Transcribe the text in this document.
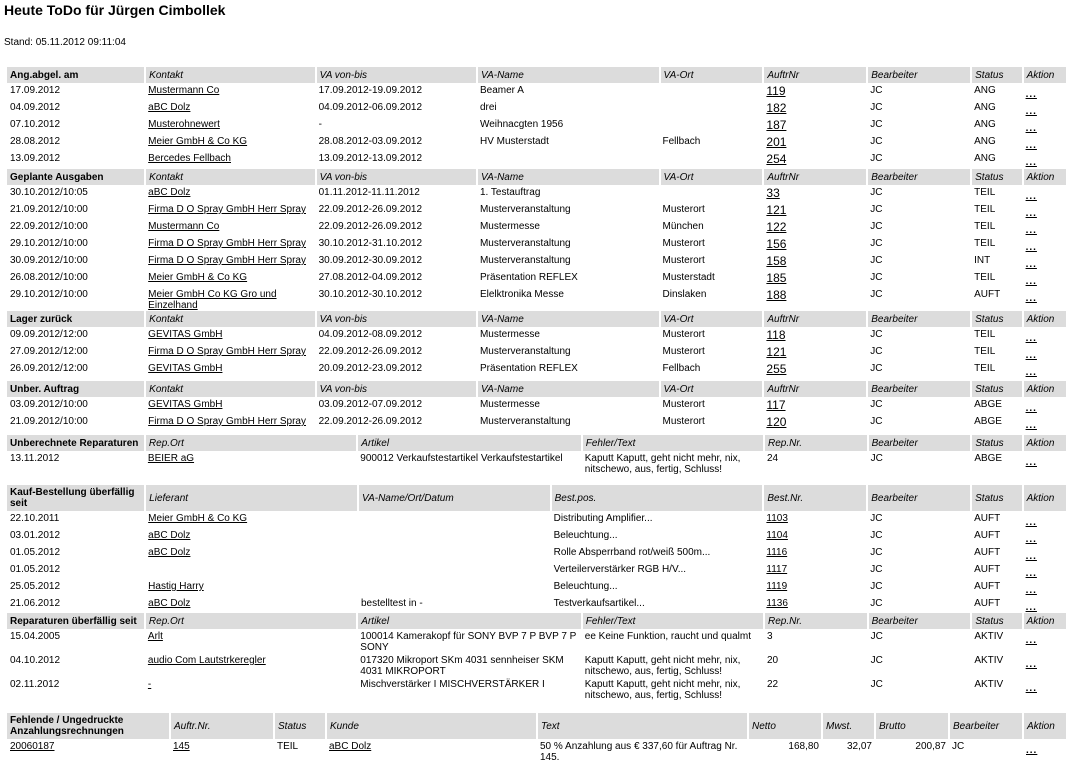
Heute ToDo für Jürgen Cimbollek
Stand: 05.11.2012 09:11:04
Ang.abgel. am	Kontakt	VA von-bis	VA-Name	VA-Ort	AuftrNr	Bearbeiter	Status	Aktion
17.09.2012	Mustermann Co	17.09.2012-19.09.2012	Beamer A		119	JC	ANG	...
04.09.2012	aBC Dolz	04.09.2012-06.09.2012	drei		182	JC	ANG	...
07.10.2012	Musterohnewert	-	Weihnacgten 1956		187	JC	ANG	...
28.08.2012	Meier GmbH & Co KG	28.08.2012-03.09.2012	HV Musterstadt	Fellbach	201	JC	ANG	...
13.09.2012	Bercedes Fellbach	13.09.2012-13.09.2012			254	JC	ANG	...
Geplante Ausgaben	Kontakt	VA von-bis	VA-Name	VA-Ort	AuftrNr	Bearbeiter	Status	Aktion
30.10.2012/10:05	aBC Dolz	01.11.2012-11.11.2012	1. Testauftrag		33	JC	TEIL	...
21.09.2012/10:00	Firma D O Spray GmbH Herr Spray	22.09.2012-26.09.2012	Musterveranstaltung	Musterort	121	JC	TEIL	...
22.09.2012/10:00	Mustermann Co	22.09.2012-26.09.2012	Mustermesse	München	122	JC	TEIL	...
29.10.2012/10:00	Firma D O Spray GmbH Herr Spray	30.10.2012-31.10.2012	Musterveranstaltung	Musterort	156	JC	TEIL	...
30.09.2012/10:00	Firma D O Spray GmbH Herr Spray	30.09.2012-30.09.2012	Musterveranstaltung	Musterort	158	JC	INT	...
26.08.2012/10:00	Meier GmbH & Co KG	27.08.2012-04.09.2012	Präsentation REFLEX	Musterstadt	185	JC	TEIL	...
29.10.2012/10:00	Meier GmbH Co KG Gro und Einzelhand	30.10.2012-30.10.2012	Elelktronika Messe	Dinslaken	188	JC	AUFT	...
Lager zurück	Kontakt	VA von-bis	VA-Name	VA-Ort	AuftrNr	Bearbeiter	Status	Aktion
09.09.2012/12:00	GEVITAS GmbH	04.09.2012-08.09.2012	Mustermesse	Musterort	118	JC	TEIL	...
27.09.2012/12:00	Firma D O Spray GmbH Herr Spray	22.09.2012-26.09.2012	Musterveranstaltung	Musterort	121	JC	TEIL	...
26.09.2012/12:00	GEVITAS GmbH	20.09.2012-23.09.2012	Präsentation REFLEX	Fellbach	255	JC	TEIL	...
Unber. Auftrag	Kontakt	VA von-bis	VA-Name	VA-Ort	AuftrNr	Bearbeiter	Status	Aktion
03.09.2012/10:00	GEVITAS GmbH	03.09.2012-07.09.2012	Mustermesse	Musterort	117	JC	ABGE	...
21.09.2012/10:00	Firma D O Spray GmbH Herr Spray	22.09.2012-26.09.2012	Musterveranstaltung	Musterort	120	JC	ABGE	...
Unberechnete Reparaturen	Rep.Ort	Artikel	Fehler/Text	Rep.Nr.	Bearbeiter	Status	Aktion
13.11.2012	BEIER aG	900012 Verkaufstestartikel Verkaufstestartikel	Kaputt Kaputt, geht nicht mehr, nix, nitschewo, aus, fertig, Schluss!	24	JC	ABGE	...
Kauf-Bestellung überfällig seit	Lieferant	VA-Name/Ort/Datum	Best.pos.	Best.Nr.	Bearbeiter	Status	Aktion
22.10.2011	Meier GmbH & Co KG		Distributing Amplifier...	1103	JC	AUFT	...
03.01.2012	aBC Dolz		Beleuchtung...	1104	JC	AUFT	...
01.05.2012	aBC Dolz		Rolle Absperrband rot/weiß 500m...	1116	JC	AUFT	...
01.05.2012			Verteilerverstärker RGB H/V...	1117	JC	AUFT	...
25.05.2012	Hastig Harry		Beleuchtung...	1119	JC	AUFT	...
21.06.2012	aBC Dolz	bestelltest in -	Testverkaufsartikel...	1136	JC	AUFT	...
Reparaturen überfällig seit	Rep.Ort	Artikel	Fehler/Text	Rep.Nr.	Bearbeiter	Status	Aktion
15.04.2005	Arlt	100014 Kamerakopf für SONY BVP 7 P BVP 7 P SONY	ee Keine Funktion, raucht und qualmt	3	JC	AKTIV	...
04.10.2012	audio Com Lautstrkeregler	017320 Mikroport SKm 4031 sennheiser SKM 4031 MIKROPORT	Kaputt Kaputt, geht nicht mehr, nix, nitschewo, aus, fertig, Schluss!	20	JC	AKTIV	...
02.11.2012	-	Mischverstärker I MISCHVERSTÄRKER I	Kaputt Kaputt, geht nicht mehr, nix, nitschewo, aus, fertig, Schluss!	22	JC	AKTIV	...
Fehlende / Ungedruckte Anzahlungsrechnungen	Auftr.Nr.	Status	Kunde	Text	Netto	Mwst.	Brutto	Bearbeiter	Aktion
20060187	145	TEIL	aBC Dolz	50 % Anzahlung aus € 337,60 für Auftrag Nr. 145.	168,80	32,07	200,87	JC	...
